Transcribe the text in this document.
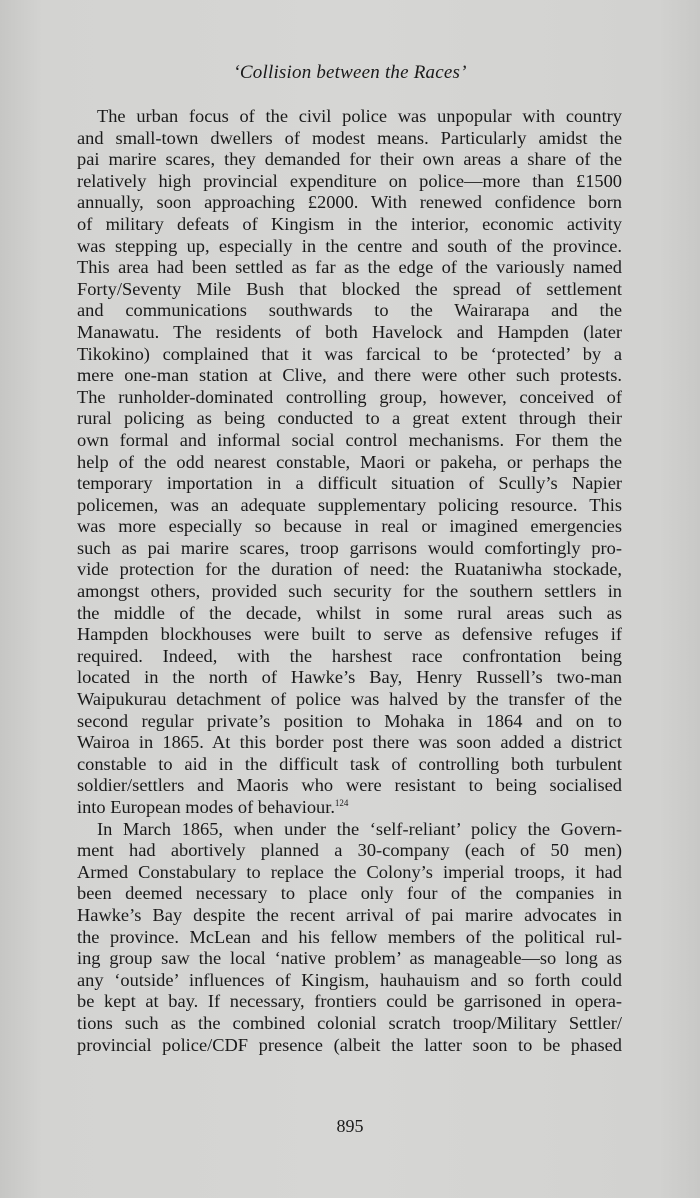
‘Collision between the Races’
The urban focus of the civil police was unpopular with country
and small-town dwellers of modest means. Particularly amidst the
pai marire scares, they demanded for their own areas a share of the
relatively high provincial expenditure on police—more than £1500
annually, soon approaching £2000. With renewed confidence born
of military defeats of Kingism in the interior, economic activity
was stepping up, especially in the centre and south of the province.
This area had been settled as far as the edge of the variously named
Forty/Seventy Mile Bush that blocked the spread of settlement
and communications southwards to the Wairarapa and the
Manawatu. The residents of both Havelock and Hampden (later
Tikokino) complained that it was farcical to be ‘protected’ by a
mere one-man station at Clive, and there were other such protests.
The runholder-dominated controlling group, however, conceived of
rural policing as being conducted to a great extent through their
own formal and informal social control mechanisms. For them the
help of the odd nearest constable, Maori or pakeha, or perhaps the
temporary importation in a difficult situation of Scully’s Napier
policemen, was an adequate supplementary policing resource. This
was more especially so because in real or imagined emergencies
such as pai marire scares, troop garrisons would comfortingly pro-
vide protection for the duration of need: the Ruataniwha stockade,
amongst others, provided such security for the southern settlers in
the middle of the decade, whilst in some rural areas such as
Hampden blockhouses were built to serve as defensive refuges if
required. Indeed, with the harshest race confrontation being
located in the north of Hawke’s Bay, Henry Russell’s two-man
Waipukurau detachment of police was halved by the transfer of the
second regular private’s position to Mohaka in 1864 and on to
Wairoa in 1865. At this border post there was soon added a district
constable to aid in the difficult task of controlling both turbulent
soldier/settlers and Maoris who were resistant to being socialised
into European modes of behaviour.$^{124}$
In March 1865, when under the ‘self-reliant’ policy the Govern-
ment had abortively planned a 30-company (each of 50 men)
Armed Constabulary to replace the Colony’s imperial troops, it had
been deemed necessary to place only four of the companies in
Hawke’s Bay despite the recent arrival of pai marire advocates in
the province. McLean and his fellow members of the political rul-
ing group saw the local ‘native problem’ as manageable—so long as
any ‘outside’ influences of Kingism, hauhauism and so forth could
be kept at bay. If necessary, frontiers could be garrisoned in opera-
tions such as the combined colonial scratch troop/Military Settler/
provincial police/CDF presence (albeit the latter soon to be phased
895
